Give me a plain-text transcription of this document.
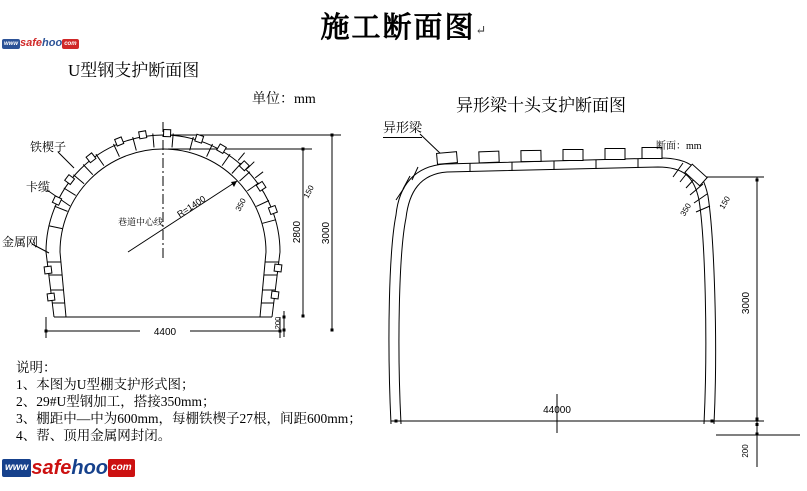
R=1400	350
150
2800 3000
4400
200
350	150
3000
44000
200
施工断面图↵
U型钢支护断面图
单位：mm	异形梁十头支护断面图
断面：mm
铁楔子
卡缆
金属网
巷道中心线
异形梁
说明：
1、本图为U型棚支护形式图；
2、29#U型钢加工，搭接350mm；
3、棚距中—中为600mm，每棚铁楔子27根，间距600mm；
4、帮、顶用金属网封闭。
www safe hoo com
www safe hoo com
